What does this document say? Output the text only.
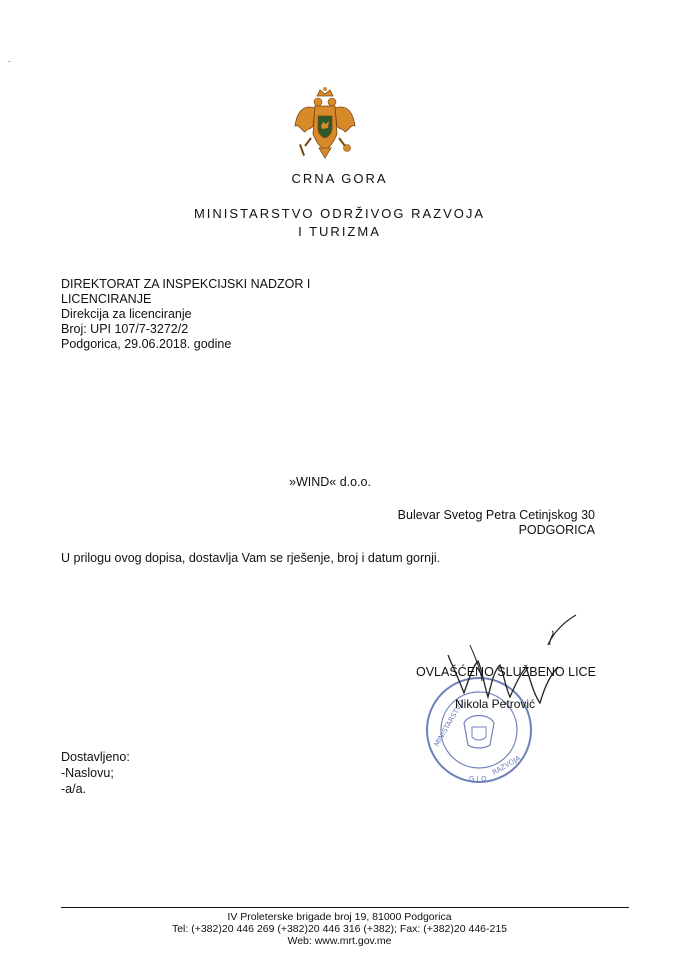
-
CRNA GORA
MINISTARSTVO ODRŽIVOG RAZVOJA
I TURIZMA
DIREKTORAT ZA INSPEKCIJSKI NADZOR I
LICENCIRANJE
Direkcija za licenciranje
Broj: UPI 107/7-3272/2
Podgorica, 29.06.2018. godine
»WIND« d.o.o.
Bulevar Svetog Petra Cetinjskog 30
PODGORICA
U prilogu ovog dopisa, dostavlja Vam se rješenje, broj i datum gornji.
MINISTARSTVO
RAZVOJA
G I O
OVLAŠĆENO SLUŽBENO LICE
Nikola Petrović
Dostavljeno:
-Naslovu;
-a/a.
IV Proleterske brigade broj 19, 81000 Podgorica
Tel: (+382)20 446 269 (+382)20 446 316 (+382); Fax: (+382)20 446-215
Web: www.mrt.gov.me
